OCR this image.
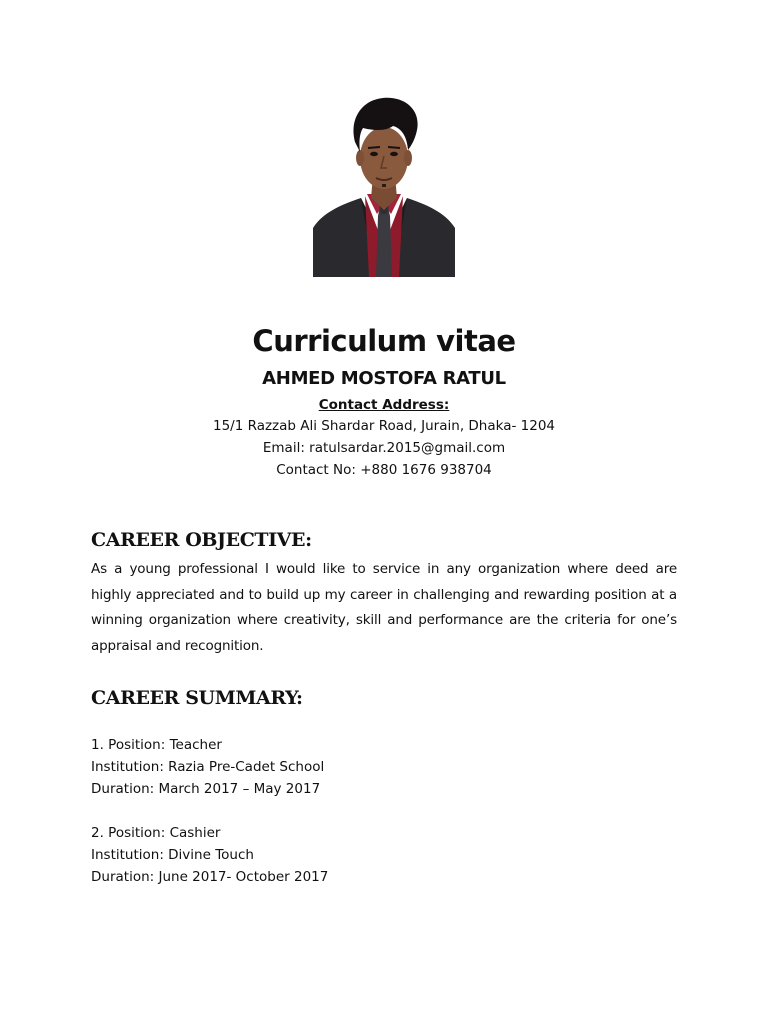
Curriculum vitae
AHMED MOSTOFA RATUL
Contact Address:
15/1 Razzab Ali Shardar Road, Jurain, Dhaka- 1204
Email: ratulsardar.2015@gmail.com
Contact No: +880 1676 938704
CAREER OBJECTIVE:
As a young professional I would like to service in any organization where deed are highly appreciated and to build up my career in challenging and rewarding position at a winning organization where creativity, skill and performance are the criteria for one’s appraisal and recognition.
CAREER SUMMARY:
1. Position: Teacher
Institution: Razia Pre-Cadet School
Duration: March 2017 – May 2017
2. Position: Cashier
Institution: Divine Touch
Duration: June 2017- October 2017
